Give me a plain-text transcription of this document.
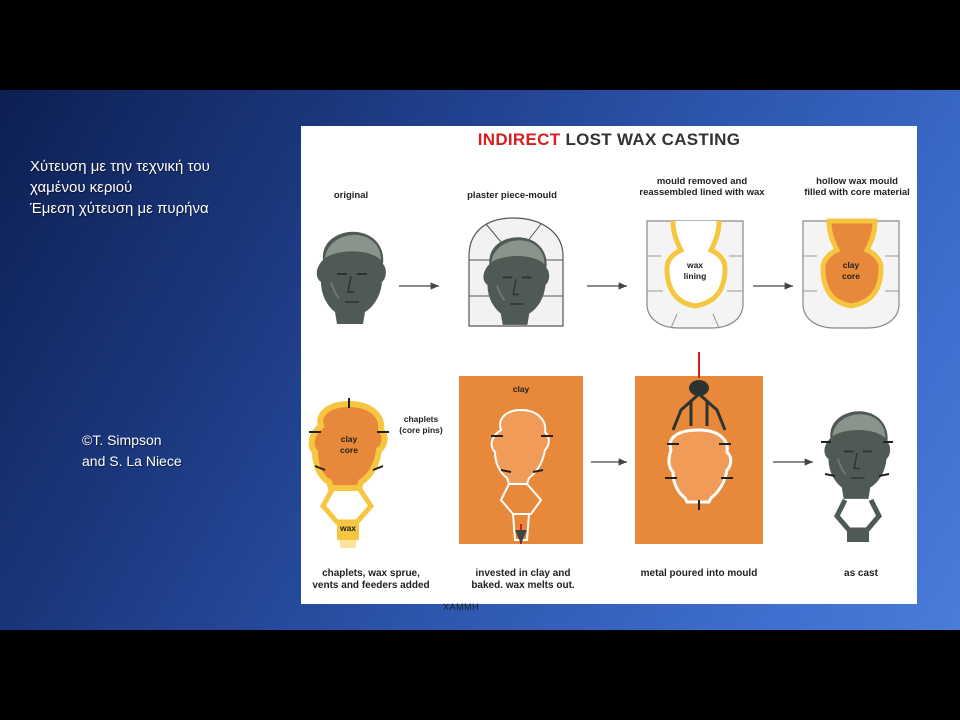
Χύτευση με την τεχνική του
χαμένου κεριού
Έμεση χύτευση με πυρήνα
©T. Simpson
and S. La Niece
INDIRECT LOST WAX CASTING
original	plaster piece-mould
mould removed and
reassembled lined with wax
hollow wax mould
filled with core material
wax
lining
clay
core
clay
core
wax
clay
chaplets
(core pins)
chaplets, wax sprue,
vents and feeders added
invested in clay and
baked. wax melts out.
metal poured into mould	as cast
ΧΑΜΜΗ
